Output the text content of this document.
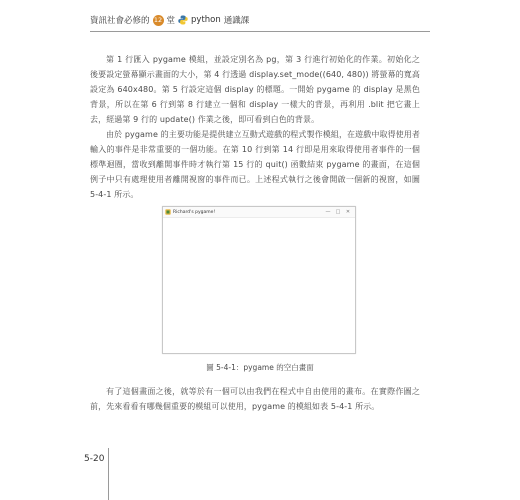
資訊社會必修的 12 堂 python 通識課

第 1 行匯入 pygame 模組，並設定別名為 pg，第 3 行進行初始化的作業。初始化之後要設定螢幕顯示畫面的大小，第 4 行透過 display.set_mode((640, 480)) 將螢幕的寬高設定為 640x480。第 5 行設定這個 display 的標題。一開始 pygame 的 display 是黑色背景，所以在第 6 行到第 8 行建立一個和 display 一樣大的背景，再利用 .blit 把它畫上去，經過第 9 行的 update() 作業之後，即可看到白色的背景。

由於 pygame 的主要功能是提供建立互動式遊戲的程式製作模組，在遊戲中取得使用者輸入的事件是非常重要的一個功能。在第 10 行到第 14 行即是用來取得使用者事件的一個標準迴圈，當收到離開事件時才執行第 15 行的 quit() 函數結束 pygame 的畫面，在這個例子中只有處理使用者離開視窗的事件而已。上述程式執行之後會開啟一個新的視窗，如圖 5-4-1 所示。

Richard's pygame!	—	□	✕
圖 5-4-1：pygame 的空白畫面

有了這個畫面之後，就等於有一個可以由我們在程式中自由使用的畫布。在實際作圖之前，先來看看有哪幾個重要的模組可以使用，pygame 的模組如表 5-4-1 所示。

5-20
